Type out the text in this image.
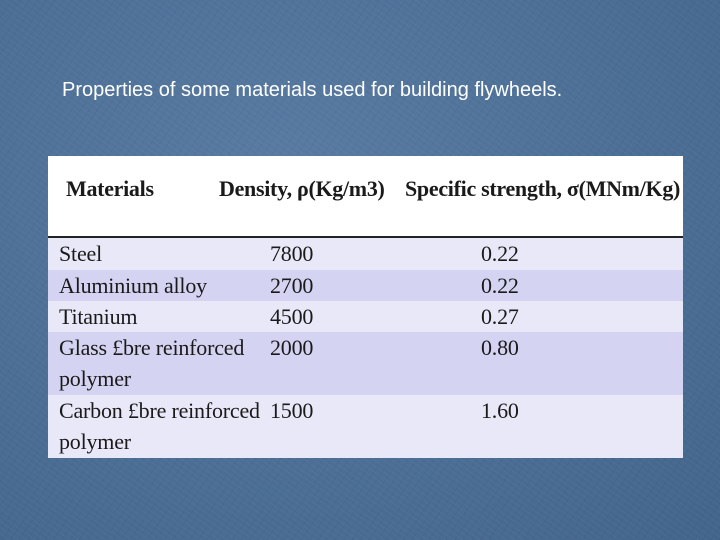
Properties of some materials used for building flywheels.
Materials	Density, ρ(Kg/m3) Specific strength, σ(MNm/Kg)
Steel	7800	0.22
Aluminium alloy	2700	0.22
Titanium	4500	0.27
Glass £bre reinforced
polymer
2000	0.80
Carbon £bre reinforced
polymer
1500	1.60
